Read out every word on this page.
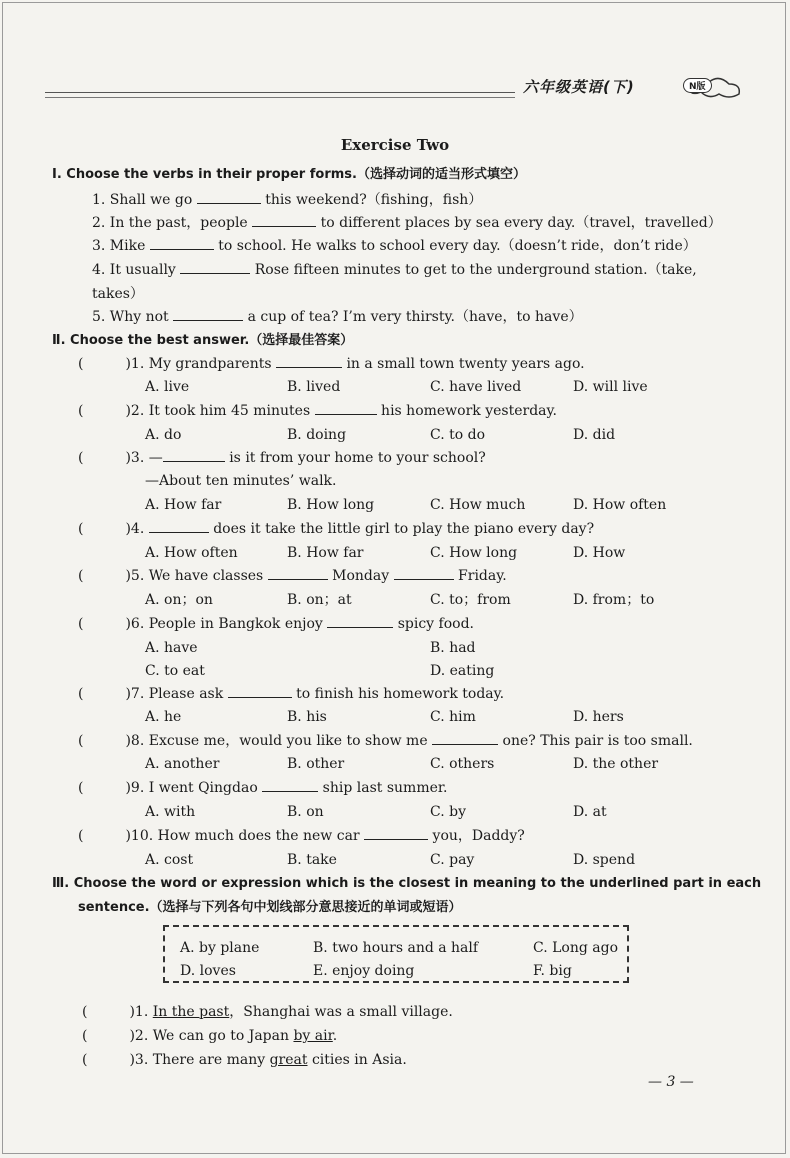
六年级英语(下)	N版
Exercise Two
Ⅰ. Choose the verbs in their proper forms.（选择动词的适当形式填空）
1. Shall we go	this weekend?（fishing，fish）
2. In the past，people	to different places by sea every day.（travel，travelled）
3. Mike	to school. He walks to school every day.（doesn’t ride，don’t ride）
4. It usually	Rose fifteen minutes to get to the underground station.（take,
takes）
5. Why not	a cup of tea? I’m very thirsty.（have，to have）
Ⅱ. Choose the best answer.（选择最佳答案）
(	)1. My grandparents	in a small town twenty years ago.
A. live	B. lived	C. have lived	D. will live
(	)2. It took him 45 minutes	his homework yesterday.
A. do	B. doing	C. to do	D. did
(	)3. —	is it from your home to your school?
—About ten minutes’ walk.
A. How far	B. How long	C. How much	D. How often
(	)4.	does it take the little girl to play the piano every day?
A. How often	B. How far	C. How long	D. How
(	)5. We have classes	Monday	Friday.
A. on；on	B. on；at	C. to；from	D. from；to
(	)6. People in Bangkok enjoy	spicy food.
A. have	B. had
C. to eat	D. eating
(	)7. Please ask	to finish his homework today.
A. he	B. his	C. him	D. hers
(	)8. Excuse me，would you like to show me	one? This pair is too small.
A. another	B. other	C. others	D. the other
(	)9. I went Qingdao	ship last summer.
A. with	B. on	C. by	D. at
(	)10. How much does the new car	you，Daddy?
A. cost	B. take	C. pay	D. spend
Ⅲ. Choose the word or expression which is the closest in meaning to the underlined part in each
sentence.（选择与下列各句中划线部分意思接近的单词或短语）
A. by plane	B. two hours and a half	C. Long ago
D. loves	E. enjoy doing	F. big
(	)1. In the past，Shanghai was a small village.
(	)2. We can go to Japan by air.
(	)3. There are many great cities in Asia.
— 3 —
